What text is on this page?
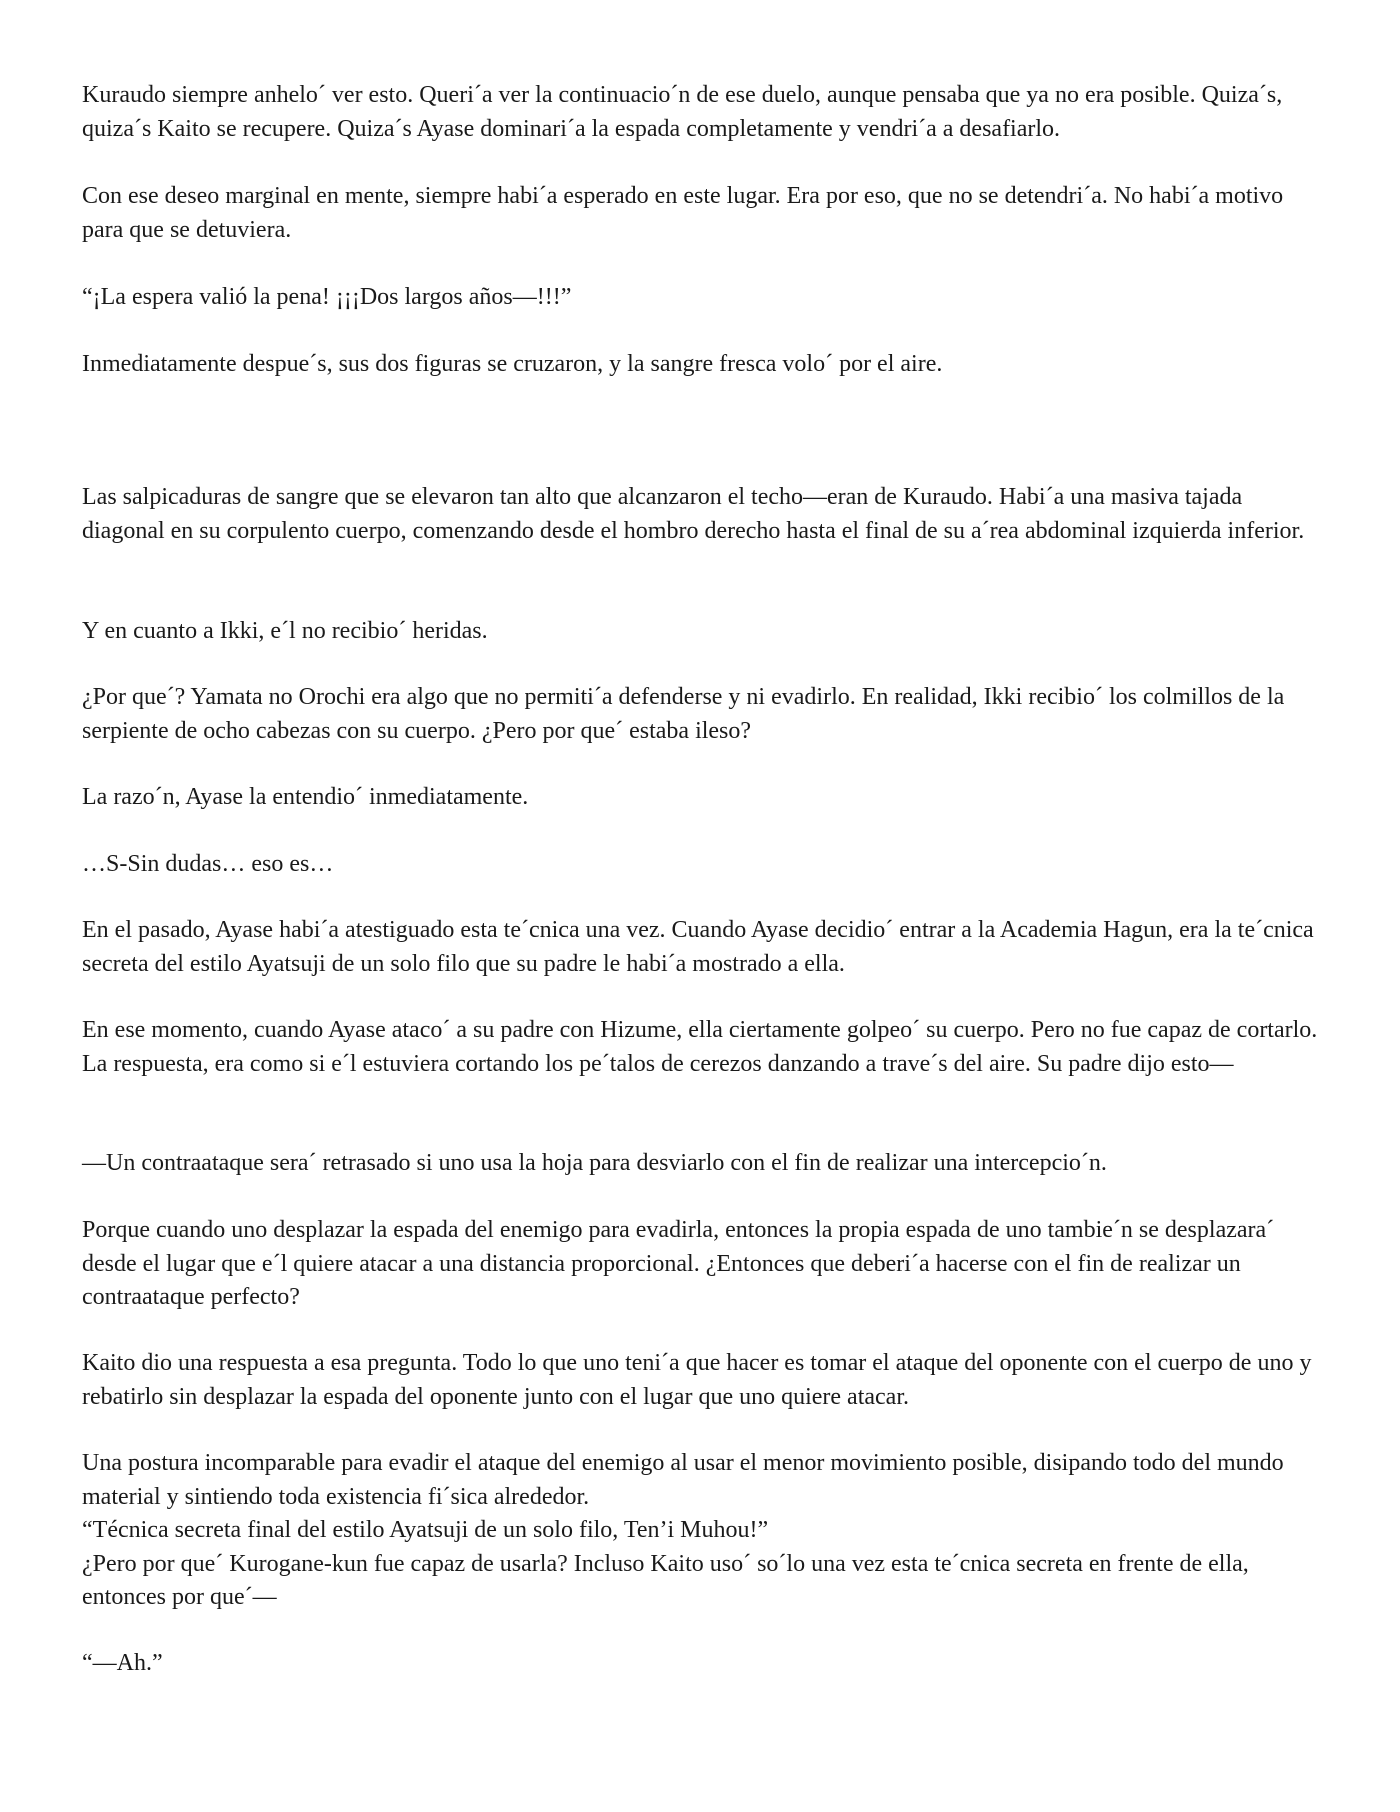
Kuraudo siempre anhelo´ ver esto. Queri´a ver la continuacio´n de ese duelo, aunque pensaba que ya no era posible. Quiza´s, quiza´s Kaito se recupere. Quiza´s Ayase dominari´a la espada completamente y vendri´a a desafiarlo.

Con ese deseo marginal en mente, siempre habi´a esperado en este lugar. Era por eso, que no se detendri´a. No habi´a motivo para que se detuviera.

“¡La espera valió la pena! ¡¡¡Dos largos años—!!!”

Inmediatamente despue´s, sus dos figuras se cruzaron, y la sangre fresca volo´ por el aire.

Las salpicaduras de sangre que se elevaron tan alto que alcanzaron el techo—eran de Kuraudo. Habi´a una masiva tajada diagonal en su corpulento cuerpo, comenzando desde el hombro derecho hasta el final de su a´rea abdominal izquierda inferior.

Y en cuanto a Ikki, e´l no recibio´ heridas.

¿Por que´? Yamata no Orochi era algo que no permiti´a defenderse y ni evadirlo. En realidad, Ikki recibio´ los colmillos de la serpiente de ocho cabezas con su cuerpo. ¿Pero por que´ estaba ileso?

La razo´n, Ayase la entendio´ inmediatamente.

…S-Sin dudas… eso es…

En el pasado, Ayase habi´a atestiguado esta te´cnica una vez. Cuando Ayase decidio´ entrar a la Academia Hagun, era la te´cnica secreta del estilo Ayatsuji de un solo filo que su padre le habi´a mostrado a ella.

En ese momento, cuando Ayase ataco´ a su padre con Hizume, ella ciertamente golpeo´ su cuerpo. Pero no fue capaz de cortarlo. La respuesta, era como si e´l estuviera cortando los pe´talos de cerezos danzando a trave´s del aire. Su padre dijo esto—

—Un contraataque sera´ retrasado si uno usa la hoja para desviarlo con el fin de realizar una intercepcio´n.

Porque cuando uno desplazar la espada del enemigo para evadirla, entonces la propia espada de uno tambie´n se desplazara´ desde el lugar que e´l quiere atacar a una distancia proporcional. ¿Entonces que deberi´a hacerse con el fin de realizar un contraataque perfecto?

Kaito dio una respuesta a esa pregunta. Todo lo que uno teni´a que hacer es tomar el ataque del oponente con el cuerpo de uno y rebatirlo sin desplazar la espada del oponente junto con el lugar que uno quiere atacar.

Una postura incomparable para evadir el ataque del enemigo al usar el menor movimiento posible, disipando todo del mundo material y sintiendo toda existencia fi´sica alrededor.
“Técnica secreta final del estilo Ayatsuji de un solo filo, Ten’i Muhou!”
¿Pero por que´ Kurogane-kun fue capaz de usarla? Incluso Kaito uso´ so´lo una vez esta te´cnica secreta en frente de ella, entonces por que´—

“—Ah.”
